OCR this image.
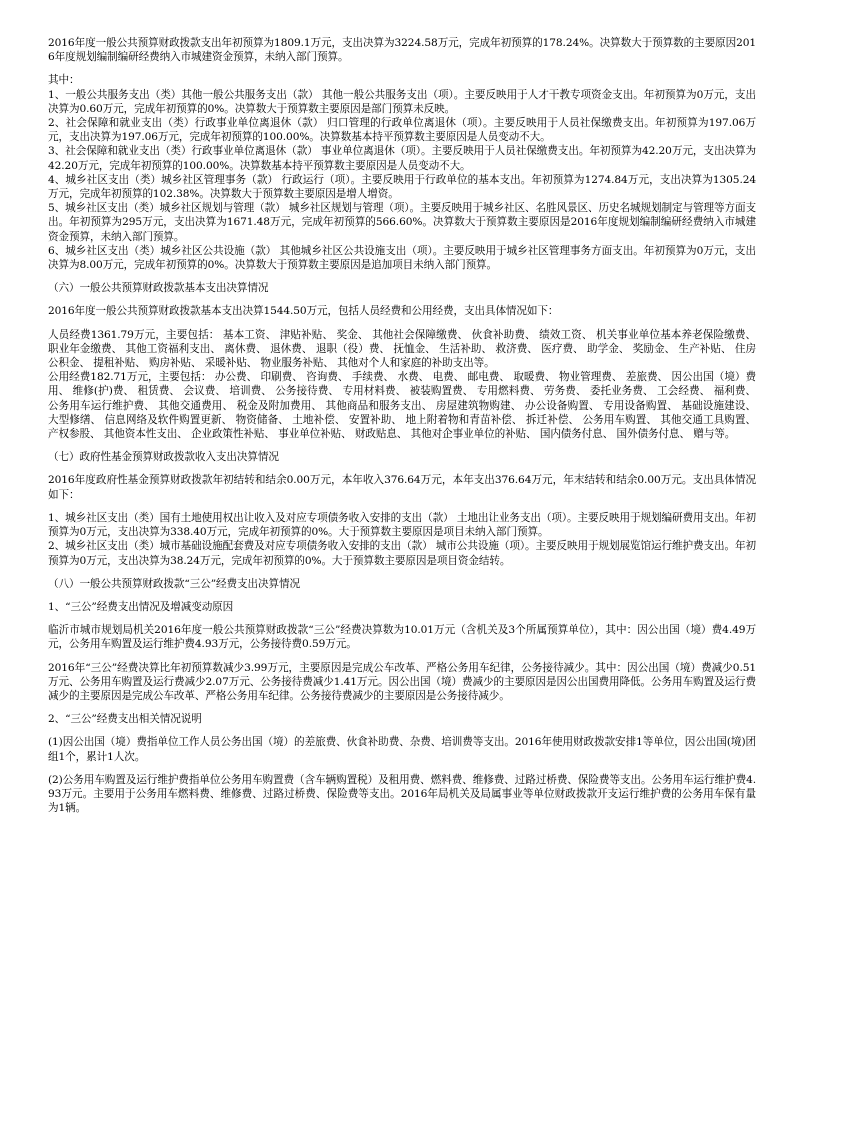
2016年度一般公共预算财政拨款支出年初预算为1809.1万元，支出决算为3224.58万元，完成年初预算的178.24%。决算数大于预算数的主要原因2016年度规划编制编研经费纳入市城建资金预算，未纳入部门预算。

其中：

1、一般公共服务支出（类）其他一般公共服务支出（款） 其他一般公共服务支出（项）。主要反映用于人才干教专项资金支出。年初预算为0万元，支出决算为0.60万元，完成年初预算的0%。决算数大于预算数主要原因是部门预算未反映。

2、社会保障和就业支出（类）行政事业单位离退休（款） 归口管理的行政单位离退休（项）。主要反映用于人员社保缴费支出。年初预算为197.06万元，支出决算为197.06万元，完成年初预算的100.00%。决算数基本持平预算数主要原因是人员变动不大。

3、社会保障和就业支出（类）行政事业单位离退休（款） 事业单位离退休（项）。主要反映用于人员社保缴费支出。年初预算为42.20万元，支出决算为42.20万元，完成年初预算的100.00%。决算数基本持平预算数主要原因是人员变动不大。

4、城乡社区支出（类）城乡社区管理事务（款） 行政运行（项）。主要反映用于行政单位的基本支出。年初预算为1274.84万元，支出决算为1305.24万元，完成年初预算的102.38%。决算数大于预算数主要原因是增人增资。

5、城乡社区支出（类）城乡社区规划与管理（款） 城乡社区规划与管理（项）。主要反映用于城乡社区、名胜风景区、历史名城规划制定与管理等方面支出。年初预算为295万元，支出决算为1671.48万元，完成年初预算的566.60%。决算数大于预算数主要原因是2016年度规划编制编研经费纳入市城建资金预算，未纳入部门预算。

6、城乡社区支出（类）城乡社区公共设施（款） 其他城乡社区公共设施支出（项）。主要反映用于城乡社区管理事务方面支出。年初预算为0万元，支出决算为8.00万元，完成年初预算的0%。决算数大于预算数主要原因是追加项目未纳入部门预算。

（六）一般公共预算财政拨款基本支出决算情况

2016年度一般公共预算财政拨款基本支出决算1544.50万元，包括人员经费和公用经费，支出具体情况如下：

人员经费1361.79万元，主要包括： 基本工资、 津贴补贴、 奖金、 其他社会保障缴费、 伙食补助费、 绩效工资、 机关事业单位基本养老保险缴费、 职业年金缴费、 其他工资福利支出、 离休费、 退休费、 退职（役）费、 抚恤金、 生活补助、 救济费、 医疗费、 助学金、 奖励金、 生产补贴、 住房公积金、 提租补贴、 购房补贴、 采暖补贴、 物业服务补贴、 其他对个人和家庭的补助支出等。

公用经费182.71万元，主要包括： 办公费、 印刷费、 咨询费、 手续费、 水费、 电费、 邮电费、 取暖费、 物业管理费、 差旅费、 因公出国（境）费用、 维修(护)费、 租赁费、 会议费、 培训费、 公务接待费、 专用材料费、 被装购置费、 专用燃料费、 劳务费、 委托业务费、 工会经费、 福利费、 公务用车运行维护费、 其他交通费用、 税金及附加费用、 其他商品和服务支出、 房屋建筑物购建、 办公设备购置、 专用设备购置、 基础设施建设、 大型修缮、 信息网络及软件购置更新、 物资储备、 土地补偿、 安置补助、 地上附着物和青苗补偿、 拆迁补偿、 公务用车购置、 其他交通工具购置、 产权参股、 其他资本性支出、 企业政策性补贴、 事业单位补贴、 财政贴息、 其他对企事业单位的补贴、 国内债务付息、 国外债务付息、 赠与等。

（七）政府性基金预算财政拨款收入支出决算情况

2016年度政府性基金预算财政拨款年初结转和结余0.00万元，本年收入376.64万元，本年支出376.64万元，年末结转和结余0.00万元。支出具体情况如下：

1、城乡社区支出（类）国有土地使用权出让收入及对应专项债务收入安排的支出（款） 土地出让业务支出（项）。主要反映用于规划编研费用支出。年初预算为0万元，支出决算为338.40万元，完成年初预算的0%。大于预算数主要原因是项目未纳入部门预算。

2、城乡社区支出（类）城市基础设施配套费及对应专项债务收入安排的支出（款） 城市公共设施（项）。主要反映用于规划展览馆运行维护费支出。年初预算为0万元，支出决算为38.24万元，完成年初预算的0%。大于预算数主要原因是项目资金结转。

（八）一般公共预算财政拨款“三公”经费支出决算情况

1、“三公”经费支出情况及增减变动原因

临沂市城市规划局机关2016年度一般公共预算财政拨款“三公”经费决算数为10.01万元（含机关及3个所属预算单位），其中：因公出国（境）费4.49万元，公务用车购置及运行维护费4.93万元，公务接待费0.59万元。

2016年“三公”经费决算比年初预算数减少3.99万元，主要原因是完成公车改革、严格公务用车纪律，公务接待减少。其中：因公出国（境）费减少0.51万元、公务用车购置及运行费减少2.07万元、公务接待费减少1.41万元。因公出国（境）费减少的主要原因是因公出国费用降低。公务用车购置及运行费减少的主要原因是完成公车改革、严格公务用车纪律。公务接待费减少的主要原因是公务接待减少。

2、“三公”经费支出相关情况说明

(1)因公出国（境）费指单位工作人员公务出国（境）的差旅费、伙食补助费、杂费、培训费等支出。2016年使用财政拨款安排1等单位，因公出国(境)团组1个，累计1人次。

(2)公务用车购置及运行维护费指单位公务用车购置费（含车辆购置税）及租用费、燃料费、维修费、过路过桥费、保险费等支出。公务用车运行维护费4.93万元。主要用于公务用车燃料费、维修费、过路过桥费、保险费等支出。2016年局机关及局属事业等单位财政拨款开支运行维护费的公务用车保有量为1辆。
